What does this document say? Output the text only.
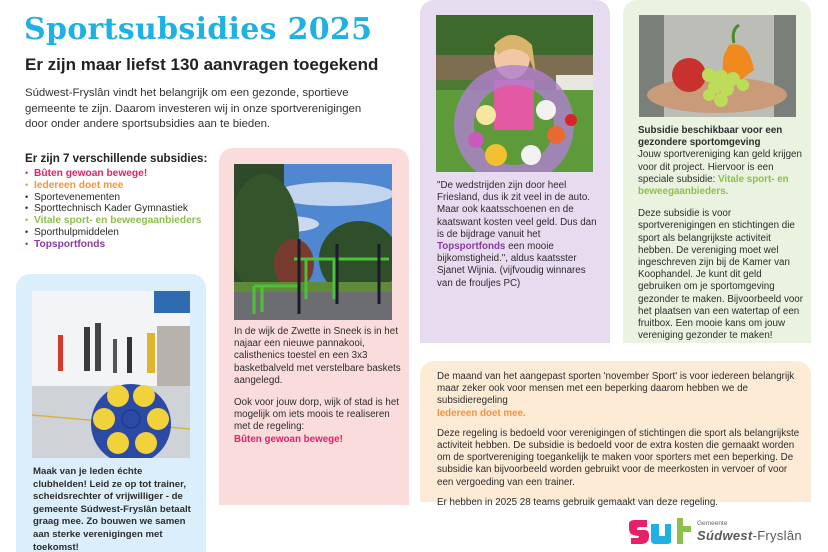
Sportsubsidies 2025
Er zijn maar liefst 130 aanvragen toegekend

Súdwest-Fryslân vindt het belangrijk om een gezonde, sportieve gemeente te zijn. Daarom investeren wij in onze sportverenigingen door onder andere sportsubsidies aan te bieden.

Er zijn 7 verschillende subsidies:
• Bûten gewoan bewege!
• Iedereen doet mee
• Sportevenementen
• Sporttechnisch Kader Gymnastiek
• Vitale sport- en beweegaanbieders
• Sporthulpmiddelen
• Topsportfonds
Maak van je leden échte clubhelden! Leid ze op tot trainer, scheidsrechter of vrijwilliger - de gemeente Súdwest-Fryslân betaalt graag mee. Zo bouwen we samen aan sterke verenigingen met toekomst!

In de wijk de Zwette in Sneek is in het najaar een nieuwe pannakooi, calisthenics toestel en een 3x3 basketbalveld met verstelbare baskets aangelegd.

Ook voor jouw dorp, wijk of stad is het mogelijk om iets moois te realiseren met de regeling:

Bûten gewoan bewege!

"De wedstrijden zijn door heel Friesland, dus ik zit veel in de auto. Maar ook kaatsschoenen en de kaatswant kosten veel geld. Dus dan is de bijdrage vanuit het Topsportfonds een mooie bijkomstigheid.", aldus kaatsster Sjanet Wijnia. (vijfvoudig winnares van de frouljes PC)

Subsidie beschikbaar voor een gezondere sportomgeving

Jouw sportvereniging kan geld krijgen voor dit project. Hiervoor is een speciale subsidie: Vitale sport- en beweegaanbieders.

Deze subsidie is voor sportverenigingen en stichtingen die sport als belangrijkste activiteit hebben. De vereniging moet wel ingeschreven zijn bij de Kamer van Koophandel. Je kunt dit geld gebruiken om je sportomgeving gezonder te maken. Bijvoorbeeld voor het plaatsen van een watertap of een fruitbox. Een mooie kans om jouw vereniging gezonder te maken!

De maand van het aangepast sporten 'november Sport' is voor iedereen belangrijk maar zeker ook voor mensen met een beperking daarom hebben we de subsidieregeling

Iedereen doet mee.

Deze regeling is bedoeld voor verenigingen of stichtingen die sport als belangrijkste activiteit hebben. De subsidie is bedoeld voor de extra kosten die gemaakt worden om de sportvereniging toegankelijk te maken voor sporters met een beperking. De subsidie kan bijvoorbeeld worden gebruikt voor de meerkosten in vervoer of voor een vergoeding van een trainer.

Er hebben in 2025 28 teams gebruik gemaakt van deze regeling.

Gemeente
Súdwest-Fryslân
